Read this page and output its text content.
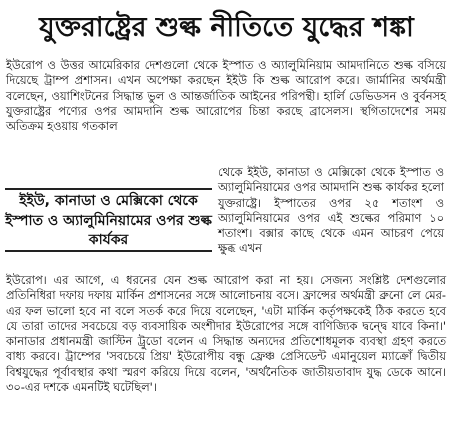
যুক্তরাষ্ট্রের শুল্ক নীতিতে যুদ্ধের শঙ্কা

ইউরোপ ও উত্তর আমেরিকার দেশগুলো থেকে ইস্পাত ও অ্যালুমিনিয়াম আমদানিতে শুল্ক বসিয়ে দিয়েছে ট্রাম্প প্রশাসন। এখন অপেক্ষা করছেন ইইউ কি শুল্ক আরোপ করে। জার্মানির অর্থমন্ত্রী বলেছেন, ওয়াশিংটনের সিদ্ধান্ত ভুল ও আন্তর্জাতিক আইনের পরিপন্থী। হার্লি ডেভিডসন ও বুর্বনসহ যুক্তরাষ্ট্রের পণ্যের ওপর আমদানি শুল্ক আরোপের চিন্তা করছে ব্রাসেলস। স্থগিতাদেশের সময় অতিক্রম হওয়ায় গতকাল

ইইউ, কানাডা ও মেক্সিকো থেকে ইস্পাত ও অ্যালুমিনিয়ামের ওপর শুল্ক কার্যকর

থেকে ইইউ, কানাডা ও মেক্সিকো থেকে ইস্পাত ও অ্যালুমিনিয়ামের ওপর আমদানি শুল্ক কার্যকর হলো যুক্তরাষ্ট্রে। ইস্পাতের ওপর ২৫ শতাংশ ও অ্যালুমিনিয়ামের ওপর এই শুল্কের পরিমাণ ১০ শতাংশ। বক্সার কাছে থেকে এমন আচরণ পেয়ে ক্ষুব্ধ এখন

ইউরোপ। এর আগে, এ ধরনের যেন শুল্ক আরোপ করা না হয়। সেজন্য সংশ্লিষ্ট দেশগুলোর প্রতিনিধিরা দফায় দফায় মার্কিন প্রশাসনের সঙ্গে আলোচনায় বসে। ফ্রান্সের অর্থমন্ত্রী ব্রুনো লে মের-এর ফল ভালো হবে না বলে সতর্ক করে দিয়ে বলেছেন, 'এটা মার্কিন কর্তৃপক্ষকেই ঠিক করতে হবে যে তারা তাদের সবচেয়ে বড় ব্যবসায়িক অংশীদার ইউরোপের সঙ্গে বাণিজ্যিক দ্বন্দ্বে যাবে কিনা।' কানাডার প্রধানমন্ত্রী জাস্টিন ট্রুডো বলেন এ সিদ্ধান্ত অন্যদের প্রতিশোধমূলক ব্যবস্থা গ্রহণ করতে বাধ্য করবে। ট্রাম্পের 'সবচেয়ে প্রিয়' ইউরোপীয় বন্ধু ফ্রেঞ্চ প্রেসিডেন্ট এমানুয়েল ম্যাক্রোঁ দ্বিতীয় বিশ্বযুদ্ধের পূর্বাবস্থার কথা স্মরণ করিয়ে দিয়ে বলেন, 'অর্থনৈতিক জাতীয়তাবাদ যুদ্ধ ডেকে আনে। ৩০-এর দশকে এমনটিই ঘটেছিল'।
